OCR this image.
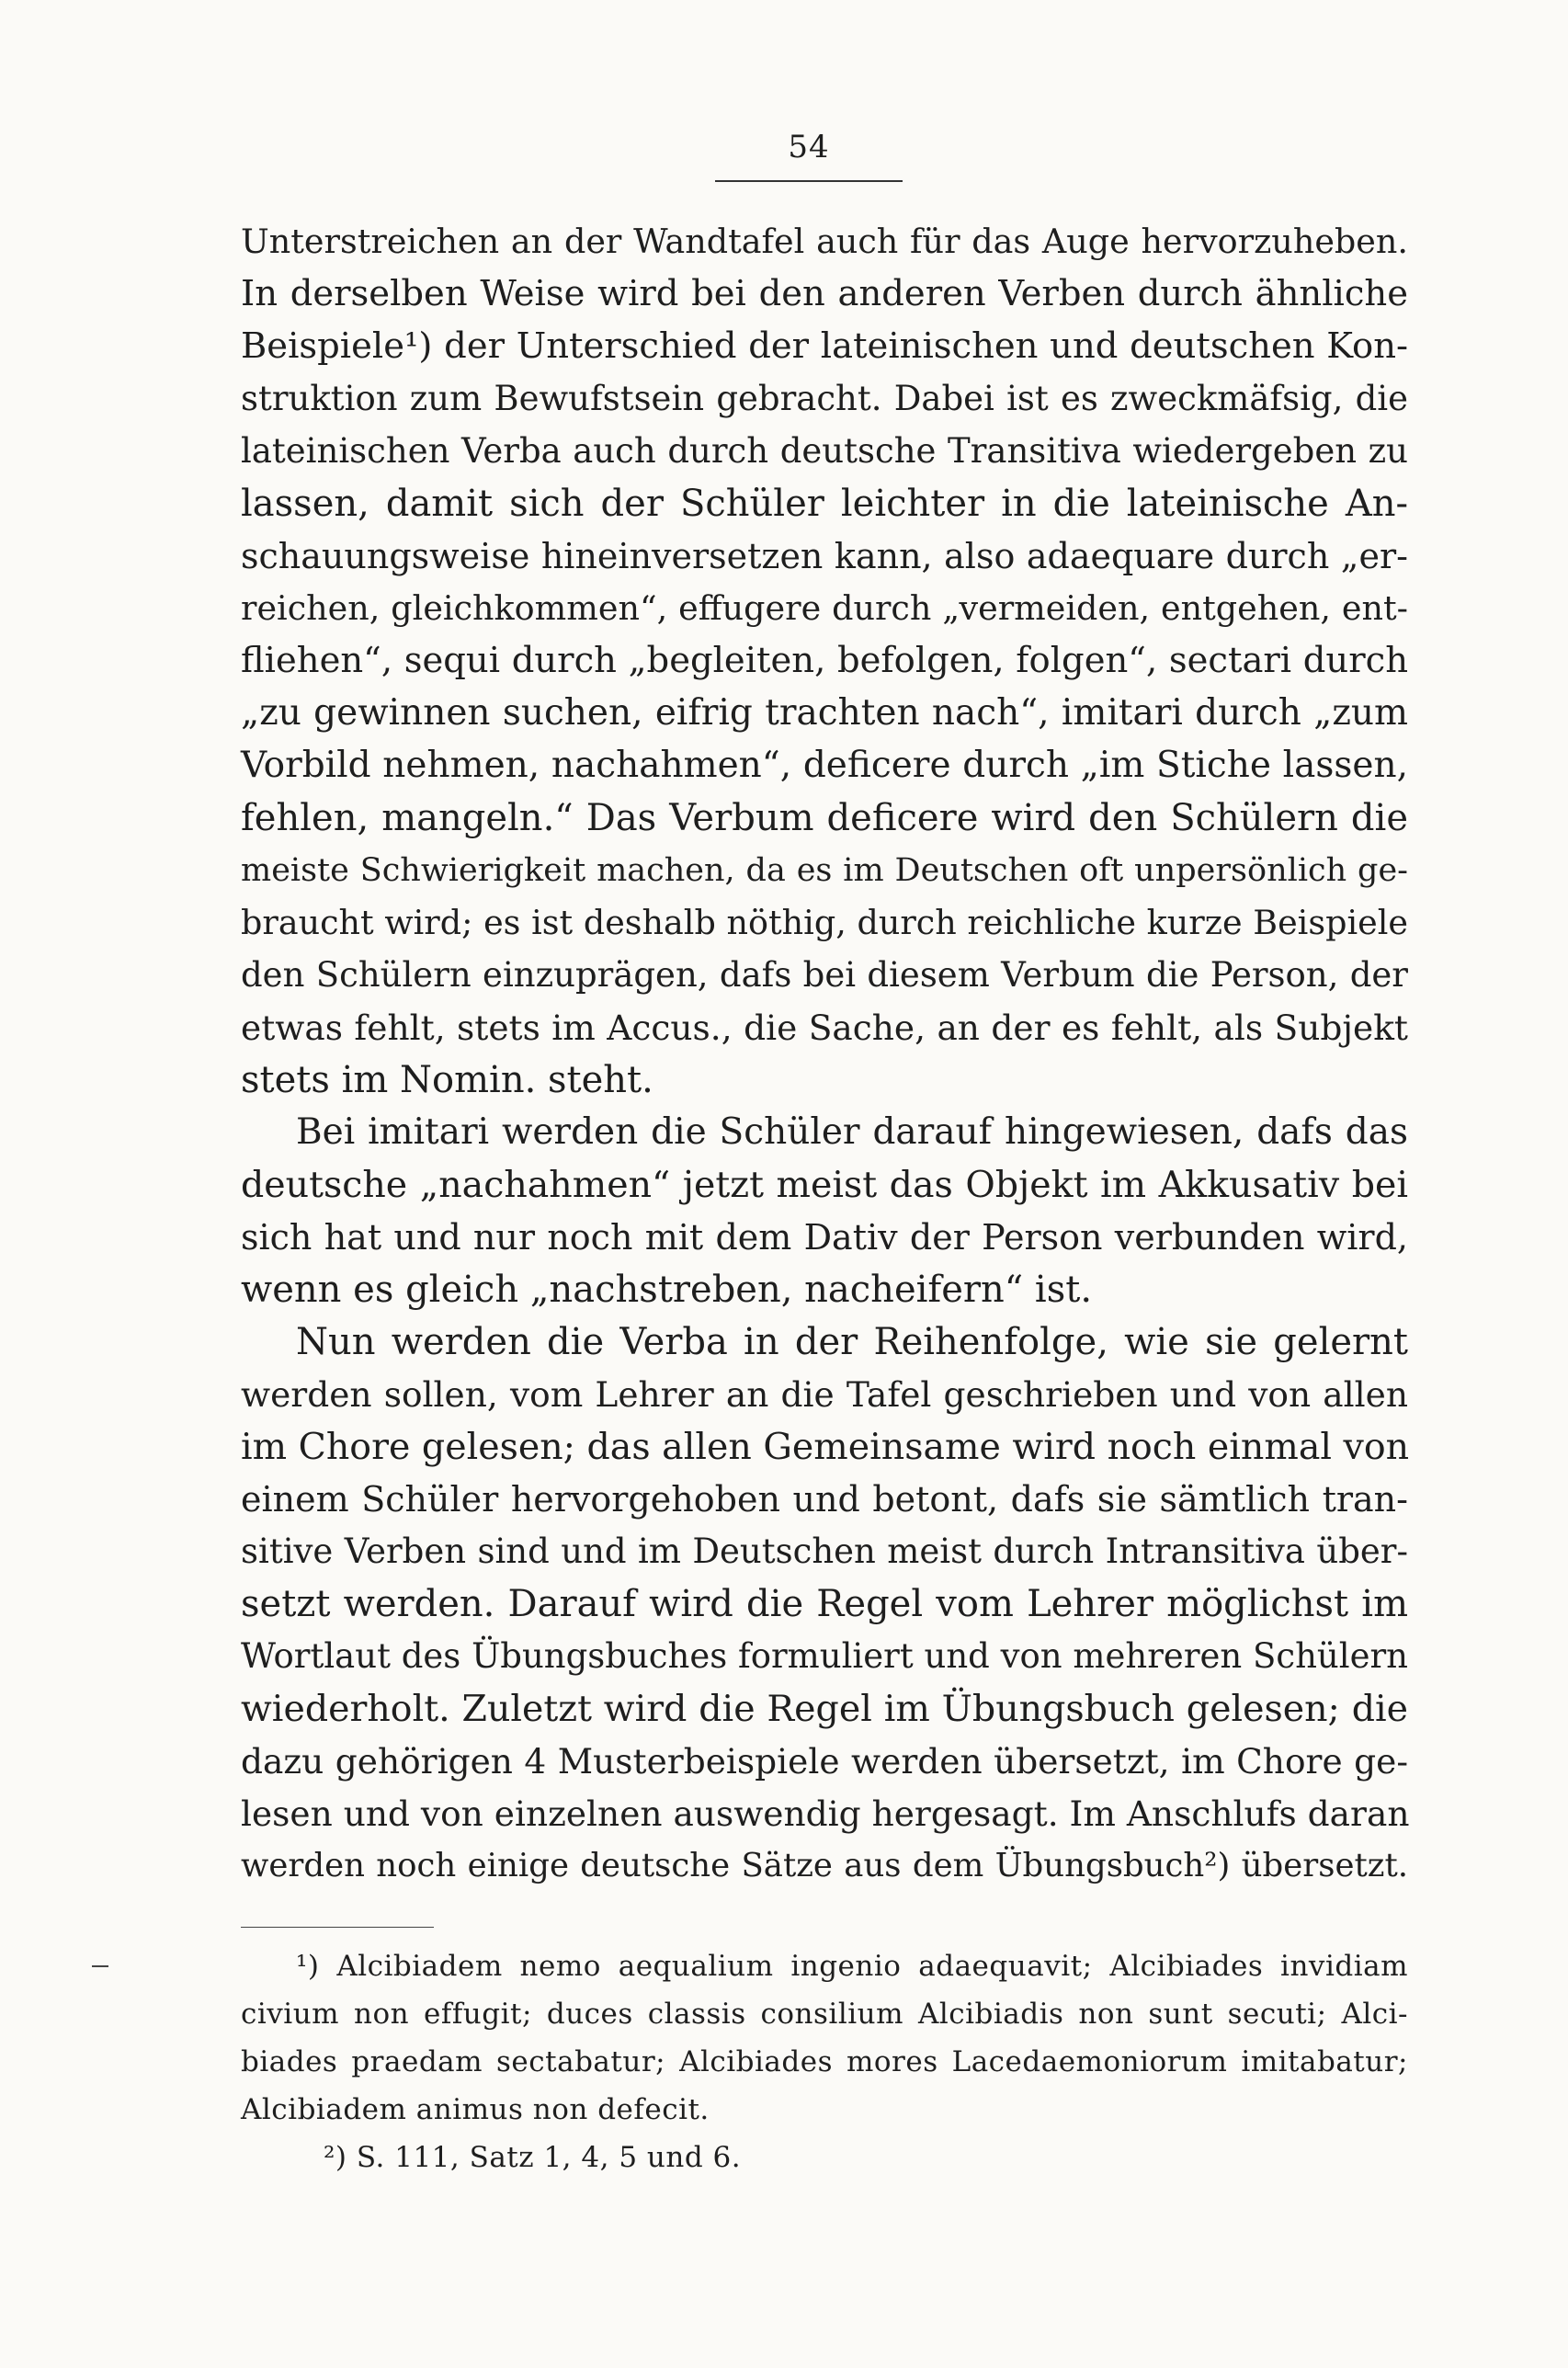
54
Unterstreichen an der Wandtafel auch für das Auge hervorzuheben.
In derselben Weise wird bei den anderen Verben durch ähnliche
Beispiele¹) der Unterschied der lateinischen und deutschen Kon-
struktion zum Bewufstsein gebracht. Dabei ist es zweckmäfsig, die
lateinischen Verba auch durch deutsche Transitiva wiedergeben zu
lassen, damit sich der Schüler leichter in die lateinische An-
schauungsweise hineinversetzen kann, also adaequare durch „er-
reichen, gleichkommen“, effugere durch „vermeiden, entgehen, ent-
fliehen“, sequi durch „begleiten, befolgen, folgen“, sectari durch
„zu gewinnen suchen, eifrig trachten nach“, imitari durch „zum
Vorbild nehmen, nachahmen“, deficere durch „im Stiche lassen,
fehlen, mangeln.“ Das Verbum deficere wird den Schülern die
meiste Schwierigkeit machen, da es im Deutschen oft unpersönlich ge-
braucht wird; es ist deshalb nöthig, durch reichliche kurze Beispiele
den Schülern einzuprägen, dafs bei diesem Verbum die Person, der
etwas fehlt, stets im Accus., die Sache, an der es fehlt, als Subjekt
stets im Nomin. steht.
Bei imitari werden die Schüler darauf hingewiesen, dafs das
deutsche „nachahmen“ jetzt meist das Objekt im Akkusativ bei
sich hat und nur noch mit dem Dativ der Person verbunden wird,
wenn es gleich „nachstreben, nacheifern“ ist.
Nun werden die Verba in der Reihenfolge, wie sie gelernt
werden sollen, vom Lehrer an die Tafel geschrieben und von allen
im Chore gelesen; das allen Gemeinsame wird noch einmal von
einem Schüler hervorgehoben und betont, dafs sie sämtlich tran-
sitive Verben sind und im Deutschen meist durch Intransitiva über-
setzt werden. Darauf wird die Regel vom Lehrer möglichst im
Wortlaut des Übungsbuches formuliert und von mehreren Schülern
wiederholt. Zuletzt wird die Regel im Übungsbuch gelesen; die
dazu gehörigen 4 Musterbeispiele werden übersetzt, im Chore ge-
lesen und von einzelnen auswendig hergesagt. Im Anschlufs daran
werden noch einige deutsche Sätze aus dem Übungsbuch²) übersetzt.
¹) Alcibiadem nemo aequalium ingenio adaequavit; Alcibiades invidiam
civium non effugit; duces classis consilium Alcibiadis non sunt secuti; Alci-
biades praedam sectabatur; Alcibiades mores Lacedaemoniorum imitabatur;
Alcibiadem animus non defecit.
²) S. 111, Satz 1, 4, 5 und 6.
